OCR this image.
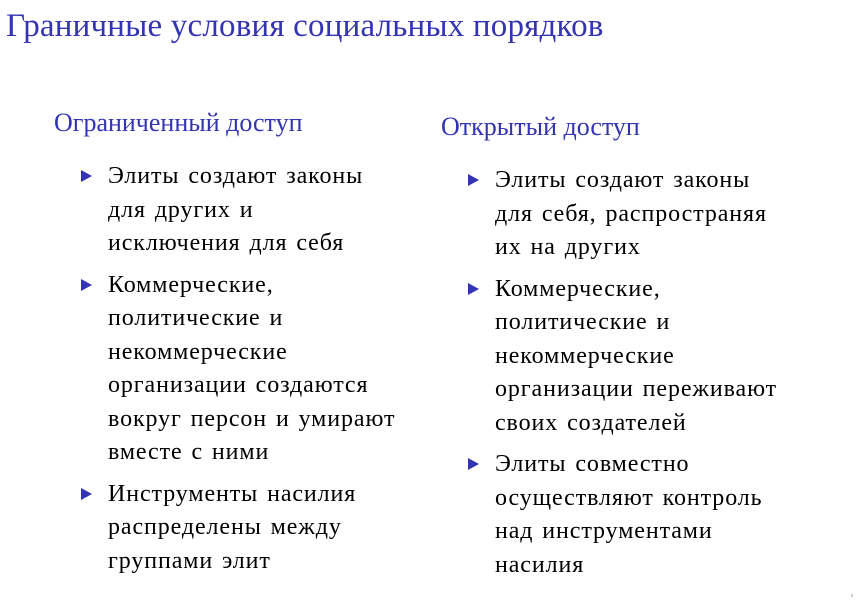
Граничные условия социальных порядков
Ограниченный доступ
Элиты создают законы
для других и
исключения для себя
Коммерческие,
политические и
некоммерческие
организации создаются
вокруг персон и умирают
вместе с ними
Инструменты насилия
распределены между
группами элит
Открытый доступ
Элиты создают законы
для себя, распространяя
их на других
Коммерческие,
политические и
некоммерческие
организации переживают
своих создателей
Элиты совместно
осуществляют контроль
над инструментами
насилия
